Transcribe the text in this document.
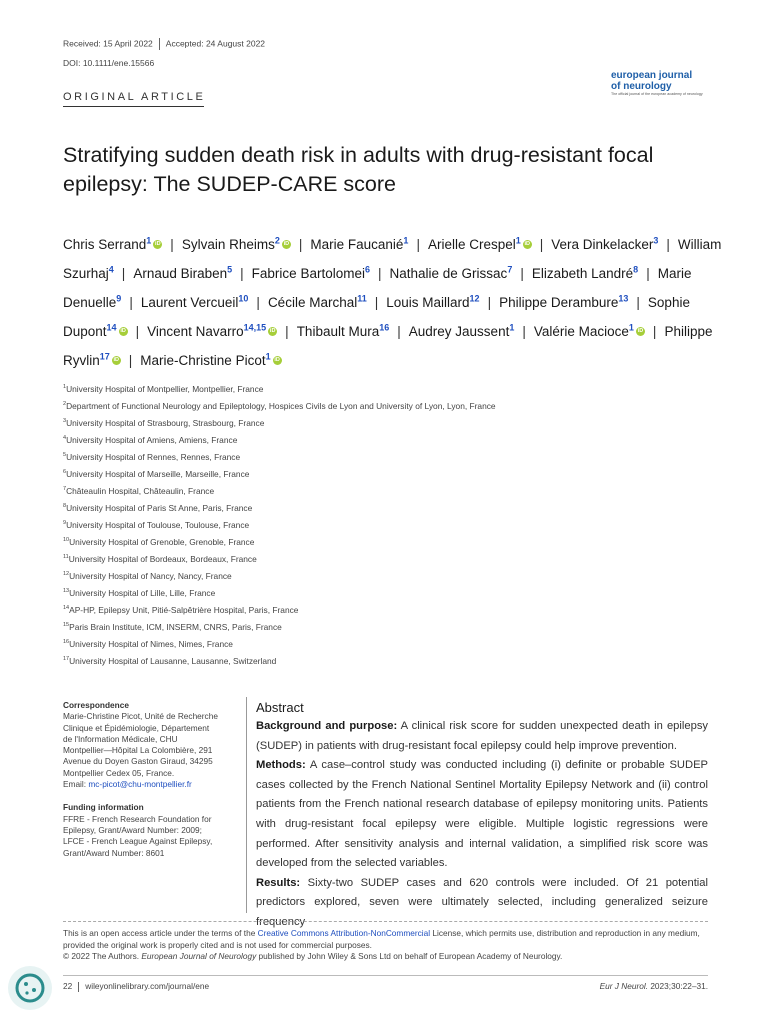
Received: 15 April 2022 Accepted: 24 August 2022
DOI: 10.1111/ene.15566
european journal
of neurology
The official journal of the european academy of neurology
ORIGINAL ARTICLE
Stratifying sudden death risk in adults with drug-resistant focal epilepsy: The SUDEP-CARE score
Chris Serrand$^1$ iD | Sylvain Rheims$^2$ iD | Marie Faucanié$^1$ | Arielle Crespel$^1$ iD | Vera Dinkelacker$^3$ | William Szurhaj$^4$ | Arnaud Biraben$^5$ | Fabrice Bartolomei$^6$ | Nathalie de Grissac$^7$ | Elizabeth Landré$^8$ | Marie Denuelle$^9$ | Laurent Vercueil$^{10}$ | Cécile Marchal$^{11}$ | Louis Maillard$^{12}$ | Philippe Derambure$^{13}$ | Sophie Dupont$^{14}$ iD | Vincent Navarro$^{14,15}$ iD | Thibault Mura$^{16}$ | Audrey Jaussent$^1$ | Valérie Macioce$^1$ iD | Philippe Ryvlin$^{17}$ iD | Marie-Christine Picot$^1$ iD
$^1$University Hospital of Montpellier, Montpellier, France
$^2$Department of Functional Neurology and Epileptology, Hospices Civils de Lyon and University of Lyon, Lyon, France
$^3$University Hospital of Strasbourg, Strasbourg, France
$^4$University Hospital of Amiens, Amiens, France
$^5$University Hospital of Rennes, Rennes, France
$^6$University Hospital of Marseille, Marseille, France
$^7$Châteaulin Hospital, Châteaulin, France
$^8$University Hospital of Paris St Anne, Paris, France
$^9$University Hospital of Toulouse, Toulouse, France
$^{10}$University Hospital of Grenoble, Grenoble, France
$^{11}$University Hospital of Bordeaux, Bordeaux, France
$^{12}$University Hospital of Nancy, Nancy, France
$^{13}$University Hospital of Lille, Lille, France
$^{14}$AP-HP, Epilepsy Unit, Pitié-Salpêtrière Hospital, Paris, France
$^{15}$Paris Brain Institute, ICM, INSERM, CNRS, Paris, France
$^{16}$University Hospital of Nimes, Nimes, France
$^{17}$University Hospital of Lausanne, Lausanne, Switzerland
Correspondence
Marie-Christine Picot, Unité de Recherche
Clinique et Épidémiologie, Département
de l'Information Médicale, CHU
Montpellier—Hôpital La Colombière, 291
Avenue du Doyen Gaston Giraud, 34295
Montpellier Cedex 05, France.
Email: mc-picot@chu-montpellier.fr
Funding information
FFRE - French Research Foundation for
Epilepsy, Grant/Award Number: 2009;
LFCE - French League Against Epilepsy,
Grant/Award Number: 8601
Abstract
Background and purpose: A clinical risk score for sudden unexpected death in epilepsy (SUDEP) in patients with drug-resistant focal epilepsy could help improve prevention.
Methods: A case–control study was conducted including (i) definite or probable SUDEP cases collected by the French National Sentinel Mortality Epilepsy Network and (ii) control patients from the French national research database of epilepsy monitoring units. Patients with drug-resistant focal epilepsy were eligible. Multiple logistic regressions were performed. After sensitivity analysis and internal validation, a simplified risk score was developed from the selected variables.
Results: Sixty-two SUDEP cases and 620 controls were included. Of 21 potential predictors explored, seven were ultimately selected, including generalized seizure frequency
This is an open access article under the terms of the Creative Commons Attribution-NonCommercial License, which permits use, distribution and reproduction in any medium, provided the original work is properly cited and is not used for commercial purposes.
© 2022 The Authors. European Journal of Neurology published by John Wiley & Sons Ltd on behalf of European Academy of Neurology.
22 wileyonlinelibrary.com/journal/ene	Eur J Neurol. 2023;30:22–31.
